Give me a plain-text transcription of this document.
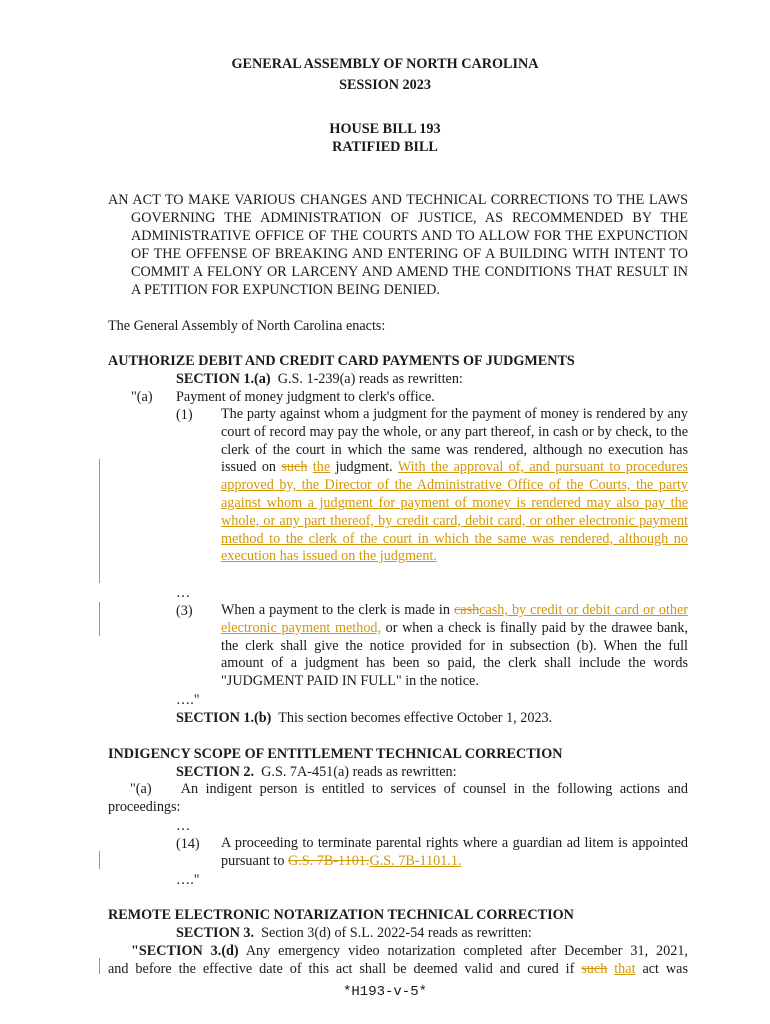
GENERAL ASSEMBLY OF NORTH CAROLINA
SESSION 2023
HOUSE BILL 193
RATIFIED BILL
AN ACT TO MAKE VARIOUS CHANGES AND TECHNICAL CORRECTIONS TO THE LAWS GOVERNING THE ADMINISTRATION OF JUSTICE, AS RECOMMENDED BY THE ADMINISTRATIVE OFFICE OF THE COURTS AND TO ALLOW FOR THE EXPUNCTION OF THE OFFENSE OF BREAKING AND ENTERING OF A BUILDING WITH INTENT TO COMMIT A FELONY OR LARCENY AND AMEND THE CONDITIONS THAT RESULT IN A PETITION FOR EXPUNCTION BEING DENIED.
The General Assembly of North Carolina enacts:
AUTHORIZE DEBIT AND CREDIT CARD PAYMENTS OF JUDGMENTS
SECTION 1.(a) G.S. 1-239(a) reads as rewritten:
"(a) Payment of money judgment to clerk's office.
(1) The party against whom a judgment for the payment of money is rendered by any court of record may pay the whole, or any part thereof, in cash or by check, to the clerk of the court in which the same was rendered, although no execution has issued on such the judgment. With the approval of, and pursuant to procedures approved by, the Director of the Administrative Office of the Courts, the party against whom a judgment for payment of money is rendered may also pay the whole, or any part thereof, by credit card, debit card, or other electronic payment method to the clerk of the court in which the same was rendered, although no execution has issued on the judgment.
…
(3) When a payment to the clerk is made in cashcash, by credit or debit card or other electronic payment method, or when a check is finally paid by the drawee bank, the clerk shall give the notice provided for in subsection (b). When the full amount of a judgment has been so paid, the clerk shall include the words "JUDGMENT PAID IN FULL" in the notice.
…."
SECTION 1.(b) This section becomes effective October 1, 2023.
INDIGENCY SCOPE OF ENTITLEMENT TECHNICAL CORRECTION
SECTION 2. G.S. 7A-451(a) reads as rewritten:
"(a) An indigent person is entitled to services of counsel in the following actions and proceedings:
…
(14) A proceeding to terminate parental rights where a guardian ad litem is appointed pursuant to G.S. 7B-1101.G.S. 7B-1101.1.
…."
REMOTE ELECTRONIC NOTARIZATION TECHNICAL CORRECTION
SECTION 3. Section 3(d) of S.L. 2022-54 reads as rewritten:
"SECTION 3.(d) Any emergency video notarization completed after December 31, 2021,
and before the effective date of this act shall be deemed valid and cured if such that act was
*H193-v-5*
